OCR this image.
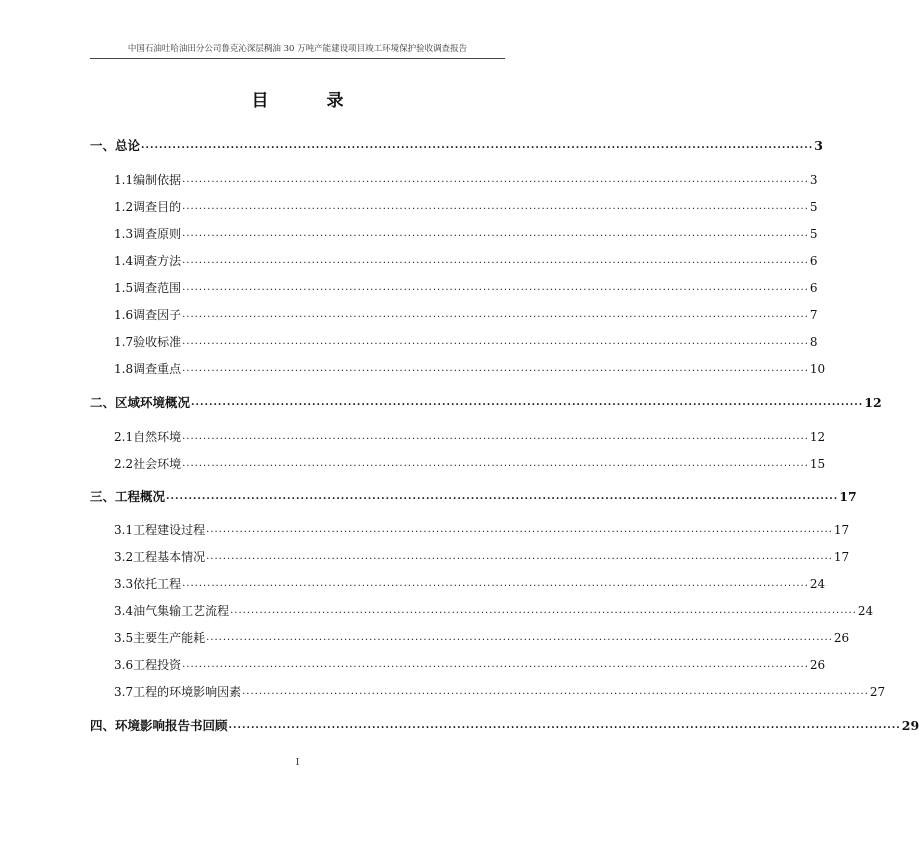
中国石油吐哈油田分公司鲁克沁深层稠油 30 万吨产能建设项目竣工环境保护验收调查报告
目 录
一、总 论 ...................................................................................................................................................... 3
1.1 编制依据 ...................................................................................................................................................... 3
1.2 调查目的 ...................................................................................................................................................... 5
1.3 调查原则 ...................................................................................................................................................... 5
1.4 调查方法 ...................................................................................................................................................... 6
1.5 调查范围 ...................................................................................................................................................... 6
1.6 调查因子 ...................................................................................................................................................... 7
1.7 验收标准 ...................................................................................................................................................... 8
1.8 调查重点 ...................................................................................................................................................... 10
二、 区域环境概况 ...................................................................................................................................................... 12
2.1 自然环境 ...................................................................................................................................................... 12
2.2 社会环境 ...................................................................................................................................................... 15
三、 工程概况 ...................................................................................................................................................... 17
3.1 工程建设过程 ...................................................................................................................................................... 17
3.2 工程基本情况 ...................................................................................................................................................... 17
3.3 依托工程 ...................................................................................................................................................... 24
3.4 油气集输工艺流程 ...................................................................................................................................................... 24
3.5 主要生产能耗 ...................................................................................................................................................... 26
3.6 工程投资 ...................................................................................................................................................... 26
3.7 工程的环境影响因素 ...................................................................................................................................................... 27
四、 环境影响报告书回顾 ...................................................................................................................................................... 29
I
